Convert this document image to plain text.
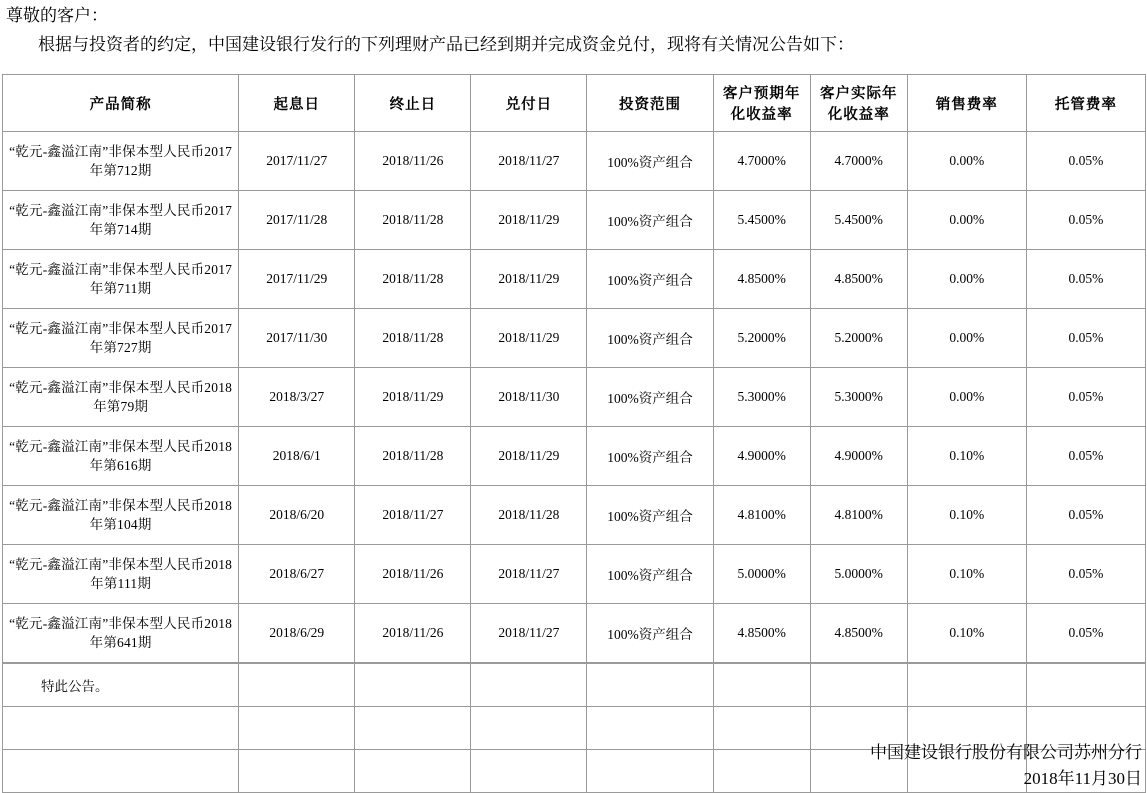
尊敬的客户：
根据与投资者的约定，中国建设银行发行的下列理财产品已经到期并完成资金兑付，现将有关情况公告如下：
产品简称	起息日	终止日	兑付日	投资范围	客户预期年化收益率	客户实际年化收益率	销售费率	托管费率
“乾元-鑫溢江南”非保本型人民币2017年第712期	2017/11/27	2018/11/26	2018/11/27	100%资产组合	4.7000%	4.7000%	0.00%	0.05%
“乾元-鑫溢江南”非保本型人民币2017年第714期	2017/11/28	2018/11/28	2018/11/29	100%资产组合	5.4500%	5.4500%	0.00%	0.05%
“乾元-鑫溢江南”非保本型人民币2017年第711期	2017/11/29	2018/11/28	2018/11/29	100%资产组合	4.8500%	4.8500%	0.00%	0.05%
“乾元-鑫溢江南”非保本型人民币2017年第727期	2017/11/30	2018/11/28	2018/11/29	100%资产组合	5.2000%	5.2000%	0.00%	0.05%
“乾元-鑫溢江南”非保本型人民币2018年第79期	2018/3/27	2018/11/29	2018/11/30	100%资产组合	5.3000%	5.3000%	0.00%	0.05%
“乾元-鑫溢江南”非保本型人民币2018年第616期	2018/6/1	2018/11/28	2018/11/29	100%资产组合	4.9000%	4.9000%	0.10%	0.05%
“乾元-鑫溢江南”非保本型人民币2018年第104期	2018/6/20	2018/11/27	2018/11/28	100%资产组合	4.8100%	4.8100%	0.10%	0.05%
“乾元-鑫溢江南”非保本型人民币2018年第111期	2018/6/27	2018/11/26	2018/11/27	100%资产组合	5.0000%	5.0000%	0.10%	0.05%
“乾元-鑫溢江南”非保本型人民币2018年第641期	2018/6/29	2018/11/26	2018/11/27	100%资产组合	4.8500%	4.8500%	0.10%	0.05%
特此公告。								

中国建设银行股份有限公司苏州分行
2018年11月30日
